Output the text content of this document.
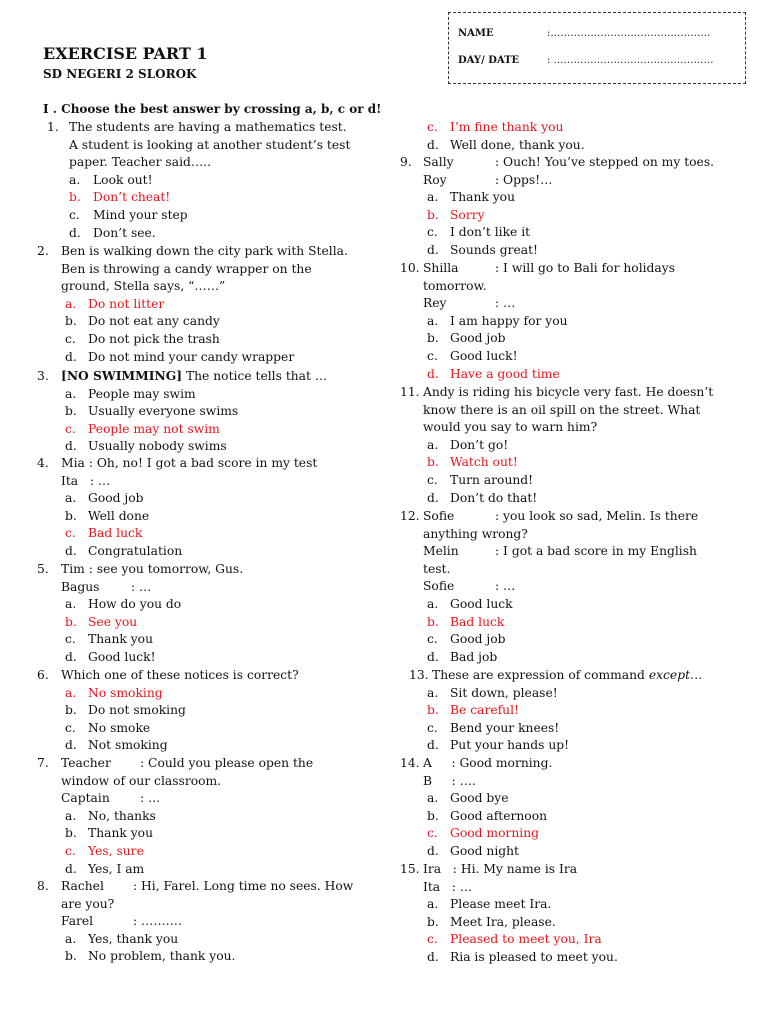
NAME	:…………………………………………
DAY/ DATE	: …………………………………………
EXERCISE PART 1
SD NEGERI 2 SLOROK
I . Choose the best answer by crossing a, b, c or d!
1. The students are having a mathematics test.
A student is looking at another student’s test
paper. Teacher said…..
a. Look out!
b. Don’t cheat!
c. Mind your step
d. Don’t see.
2. Ben is walking down the city park with Stella.
Ben is throwing a candy wrapper on the
ground, Stella says, “……”
a. Do not litter
b. Do not eat any candy
c. Do not pick the trash
d. Do not mind your candy wrapper
3. [NO SWIMMING] The notice tells that …
a. People may swim
b. Usually everyone swims
c. People may not swim
d. Usually nobody swims
4. Mia : Oh, no! I got a bad score in my test
Ita   : …
a. Good job
b. Well done
c. Bad luck
d. Congratulation
5. Tim : see you tomorrow, Gus.
Bagus	: …
a. How do you do
b. See you
c. Thank you
d. Good luck!
6. Which one of these notices is correct?
a. No smoking
b. Do not smoking
c. No smoke
d. Not smoking
7. Teacher : Could you please open the
window of our classroom.
Captain : …
a. No, thanks
b. Thank you
c. Yes, sure
d. Yes, I am
8. Rachel : Hi, Farel. Long time no sees. How
are you?
Farel	: ……….
a. Yes, thank you
b. No problem, thank you.
c. I’m fine thank you
d. Well done, thank you.
9. Sally	: Ouch! You’ve stepped on my toes.
Roy	: Opps!…
a. Thank you
b. Sorry
c. I don’t like it
d. Sounds great!
10. Shilla	: I will go to Bali for holidays
tomorrow.
Rey	: …
a. I am happy for you
b. Good job
c. Good luck!
d. Have a good time
11. Andy is riding his bicycle very fast. He doesn’t
know there is an oil spill on the street. What
would you say to warn him?
a. Don’t go!
b. Watch out!
c. Turn around!
d. Don’t do that!
12. Sofie	: you look so sad, Melin. Is there
anything wrong?
Melin	: I got a bad score in my English
test.
Sofie	: …
a. Good luck
b. Bad luck
c. Good job
d. Bad job
13. These are expression of command except…
a. Sit down, please!
b. Be careful!
c. Bend your knees!
d. Put your hands up!
14. A     : Good morning.
B     : ….
a. Good bye
b. Good afternoon
c. Good morning
d. Good night
15. Ira   : Hi. My name is Ira
Ita   : …
a. Please meet Ira.
b. Meet Ira, please.
c. Pleased to meet you, Ira
d. Ria is pleased to meet you.
